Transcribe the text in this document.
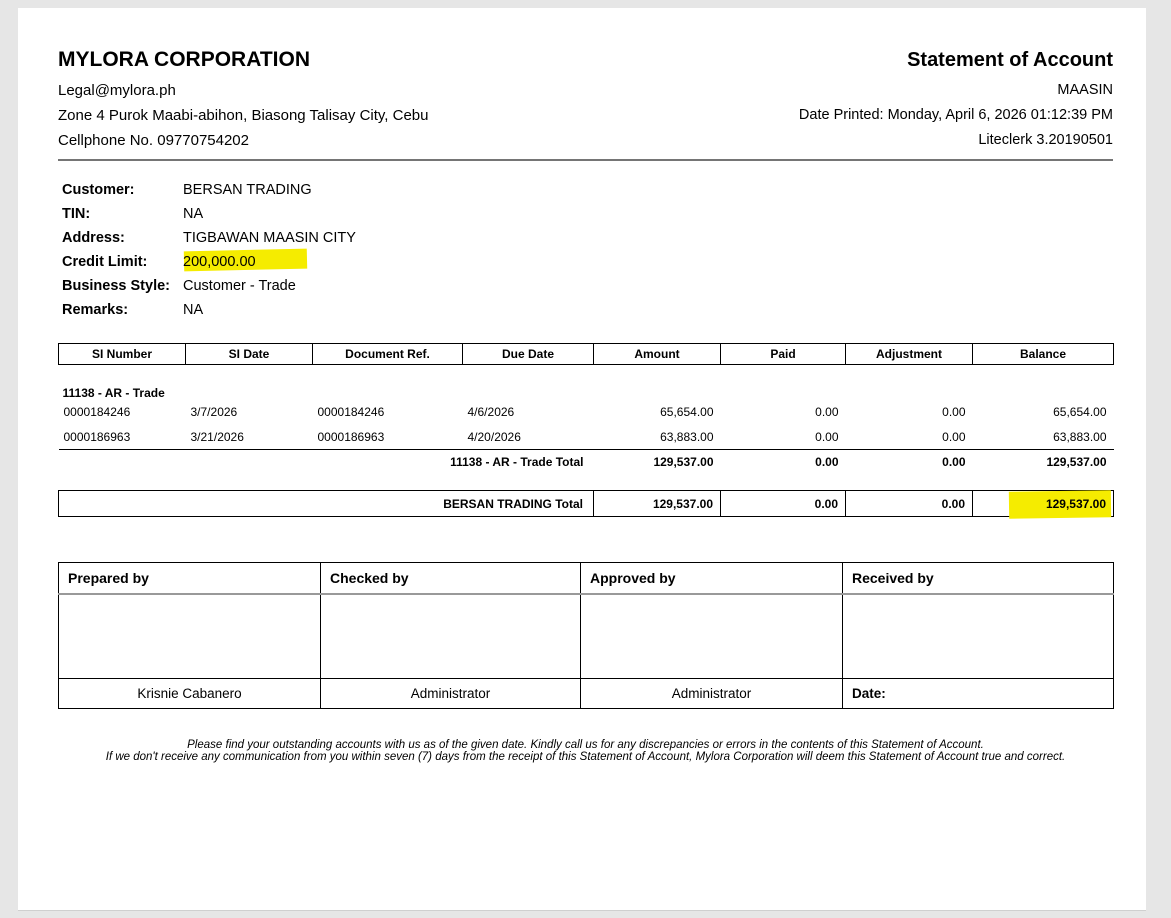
MYLORA CORPORATION
Legal@mylora.ph
Zone 4 Purok Maabi-abihon, Biasong Talisay City, Cebu
Cellphone No. 09770754202
Statement of Account
MAASIN
Date Printed: Monday, April 6, 2026 01:12:39 PM
Liteclerk 3.20190501
Customer:	BERSAN TRADING
TIN:	NA
Address:	TIGBAWAN MAASIN CITY
Credit Limit:	200,000.00
Business Style: Customer - Trade
Remarks:	NA
SI Number	SI Date	Document Ref.	Due Date	Amount	Paid	Adjustment	Balance

11138 - AR - Trade							
0000184246	3/7/2026	0000184246	4/6/2026	65,654.00	0.00	0.00	65,654.00
0000186963	3/21/2026	0000186963	4/20/2026	63,883.00	0.00	0.00	63,883.00
11138 - AR - Trade Total				129,537.00	0.00	0.00	129,537.00
BERSAN TRADING Total	129,537.00	0.00	0.00	129,537.00
Prepared by	Checked by	Approved by	Received by

Krisnie Cabanero	Administrator	Administrator	Date:
Please find your outstanding accounts with us as of the given date. Kindly call us for any discrepancies or errors in the contents of this Statement of Account.
If we don't receive any communication from you within seven (7) days from the receipt of this Statement of Account, Mylora Corporation will deem this Statement of Account true and correct.
